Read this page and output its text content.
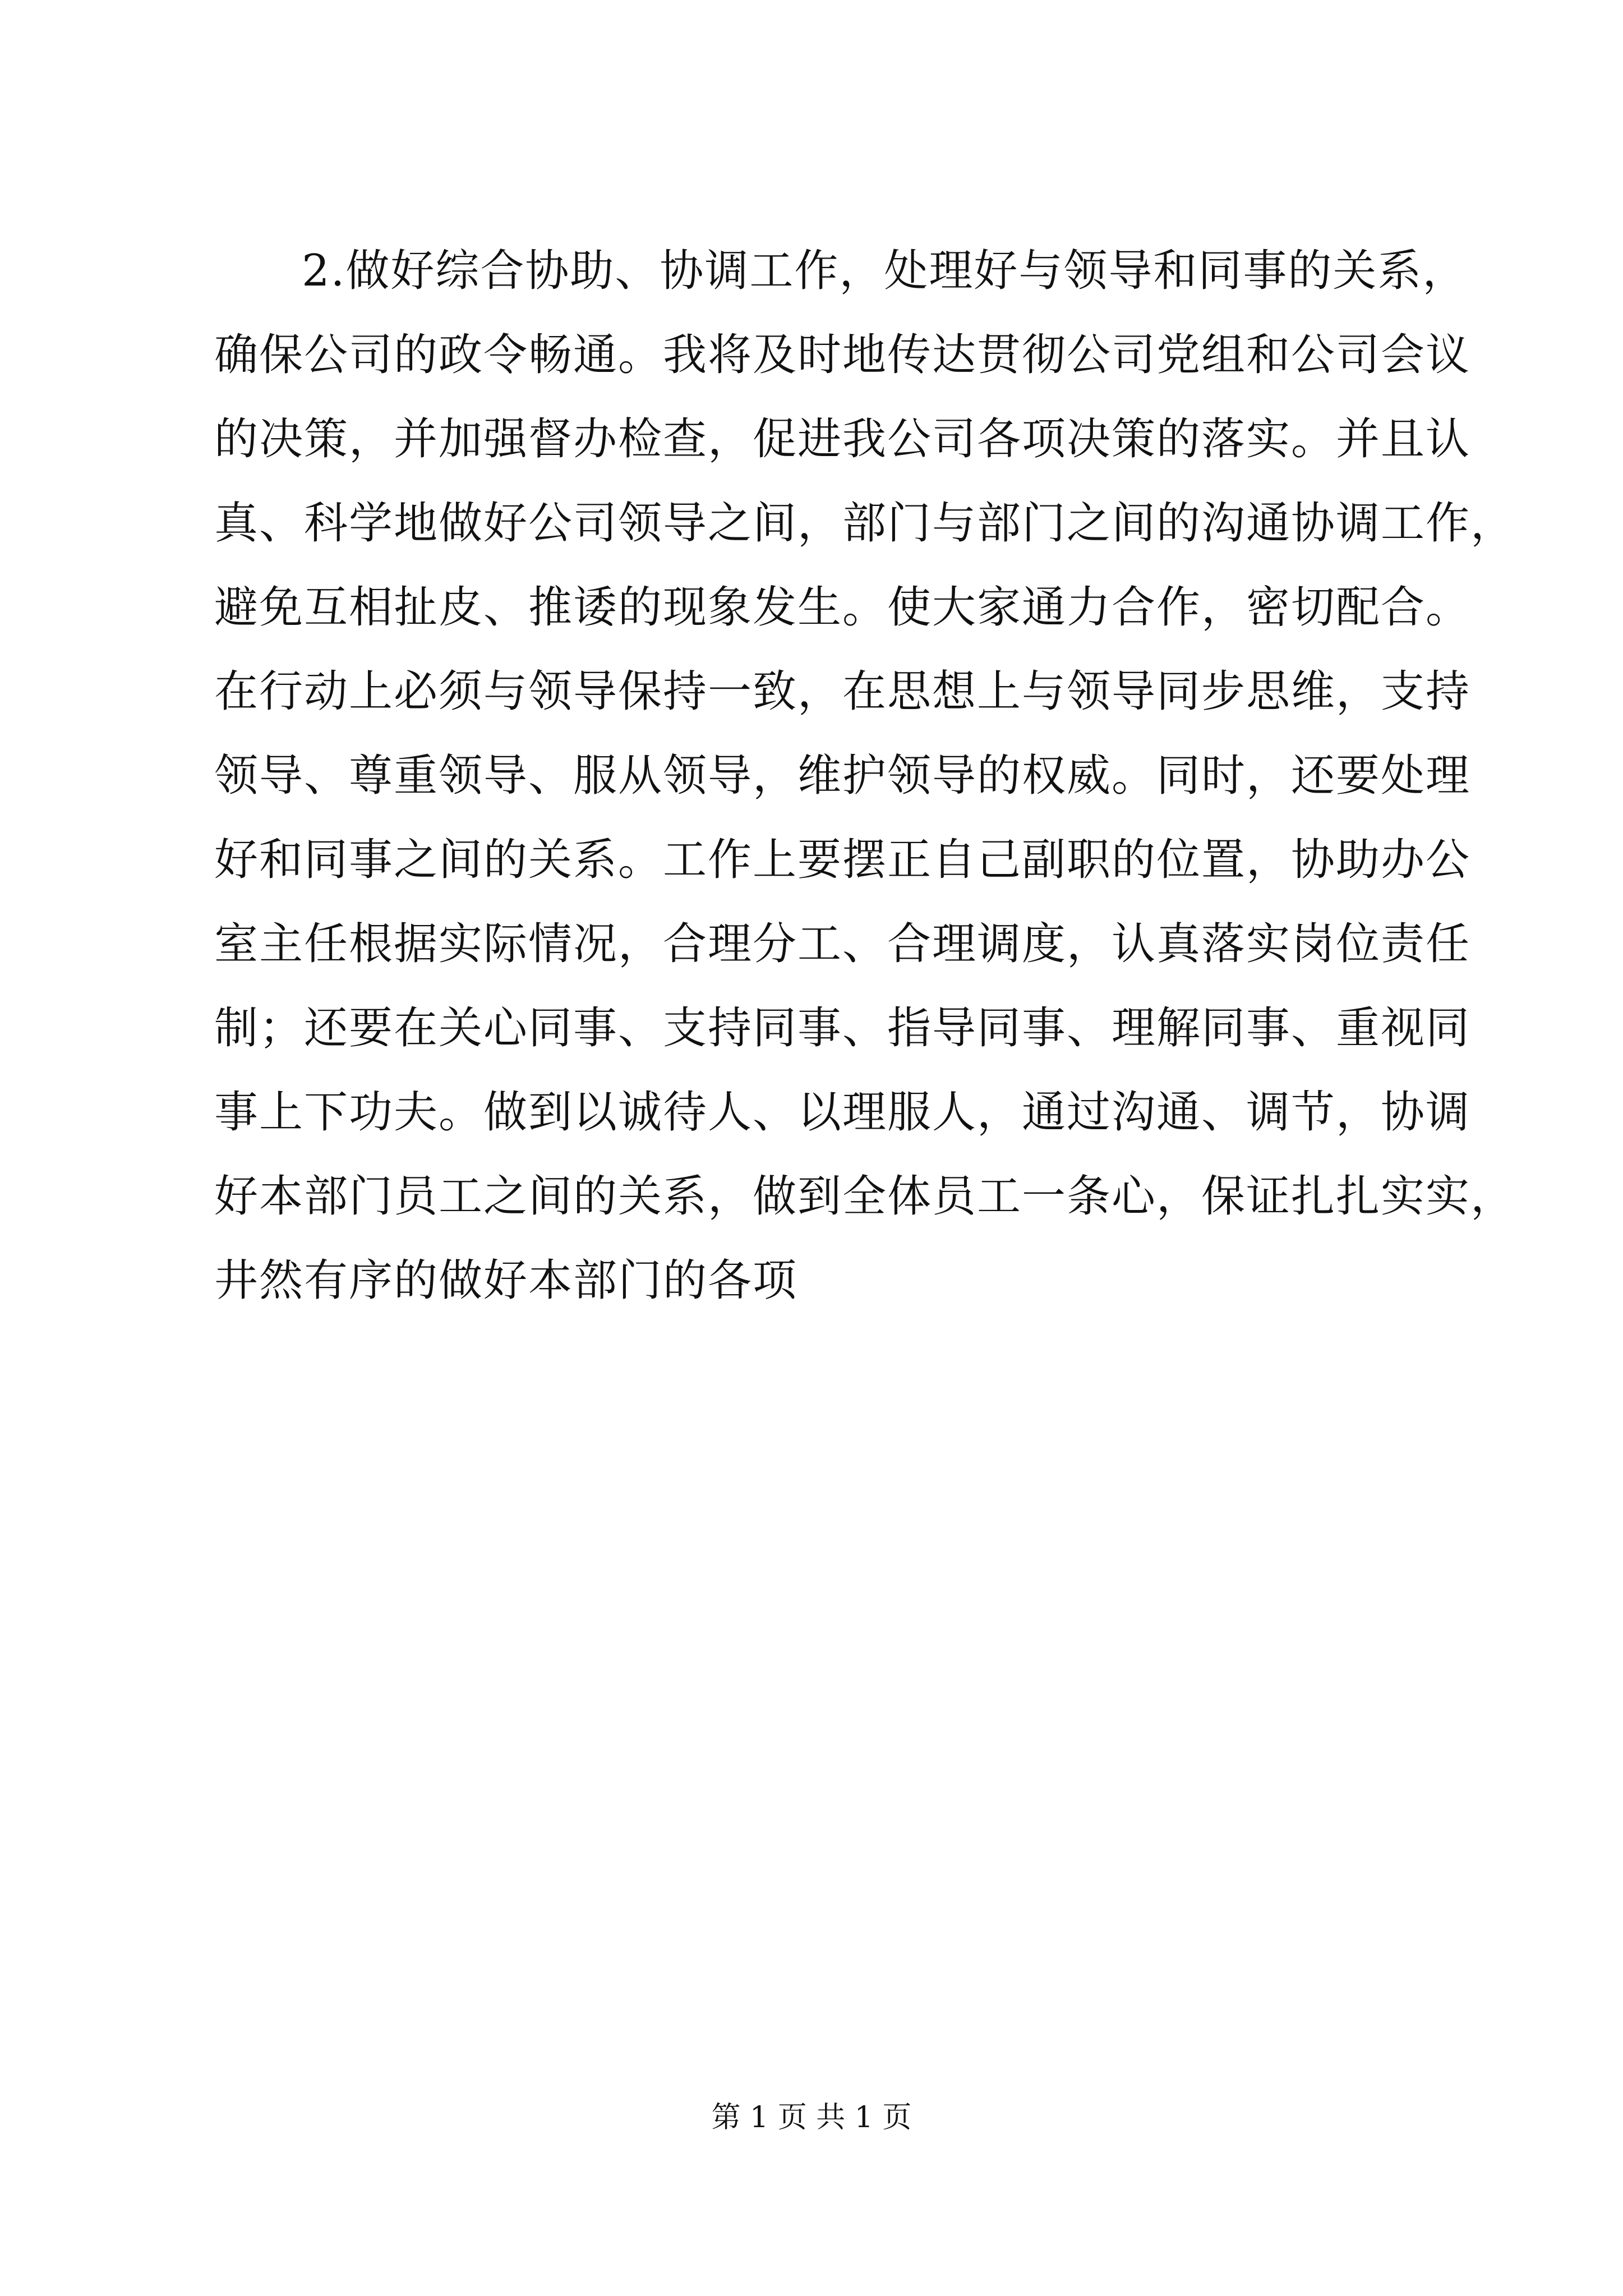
2.做好综合协助、协调工作，处理好与领导和同事的关系，
确保公司的政令畅通。我将及时地传达贯彻公司党组和公司会议
的决策，并加强督办检查，促进我公司各项决策的落实。并且认
真、科学地做好公司领导之间，部门与部门之间的沟通协调工作，
避免互相扯皮、推诿的现象发生。使大家通力合作，密切配合。
在行动上必须与领导保持一致，在思想上与领导同步思维，支持
领导、尊重领导、服从领导，维护领导的权威。同时，还要处理
好和同事之间的关系。工作上要摆正自己副职的位置，协助办公
室主任根据实际情况，合理分工、合理调度，认真落实岗位责任
制；还要在关心同事、支持同事、指导同事、理解同事、重视同
事上下功夫。做到以诚待人、以理服人，通过沟通、调节，协调
好本部门员工之间的关系，做到全体员工一条心，保证扎扎实实，
井然有序的做好本部门的各项
第 1 页 共 1 页
